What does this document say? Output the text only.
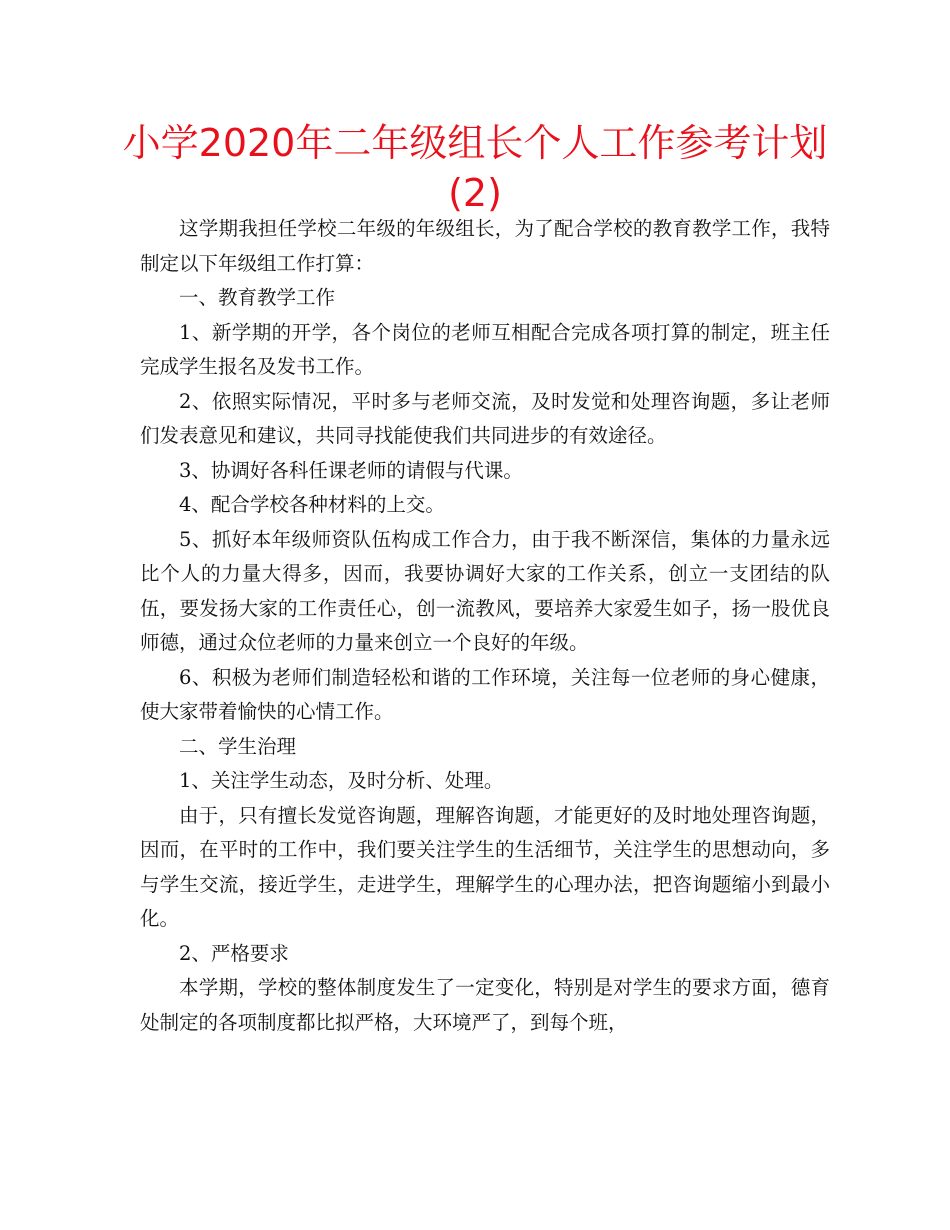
小学2020年二年级组长个人工作参考计划(2)

这学期我担任学校二年级的年级组长，为了配合学校的教育教学工作，我特制定以下年级组工作打算：

一、教育教学工作

1、新学期的开学，各个岗位的老师互相配合完成各项打算的制定，班主任完成学生报名及发书工作。

2、依照实际情况，平时多与老师交流，及时发觉和处理咨询题，多让老师们发表意见和建议，共同寻找能使我们共同进步的有效途径。

3、协调好各科任课老师的请假与代课。

4、配合学校各种材料的上交。

5、抓好本年级师资队伍构成工作合力，由于我不断深信，集体的力量永远比个人的力量大得多，因而，我要协调好大家的工作关系，创立一支团结的队伍，要发扬大家的工作责任心，创一流教风，要培养大家爱生如子，扬一股优良师德，通过众位老师的力量来创立一个良好的年级。

6、积极为老师们制造轻松和谐的工作环境，关注每一位老师的身心健康，使大家带着愉快的心情工作。

二、学生治理

1、关注学生动态，及时分析、处理。

由于，只有擅长发觉咨询题，理解咨询题，才能更好的及时地处理咨询题，因而，在平时的工作中，我们要关注学生的生活细节，关注学生的思想动向，多与学生交流，接近学生，走进学生，理解学生的心理办法，把咨询题缩小到最小化。

2、严格要求

本学期，学校的整体制度发生了一定变化，特别是对学生的要求方面，德育处制定的各项制度都比拟严格，大环境严了，到每个班，
